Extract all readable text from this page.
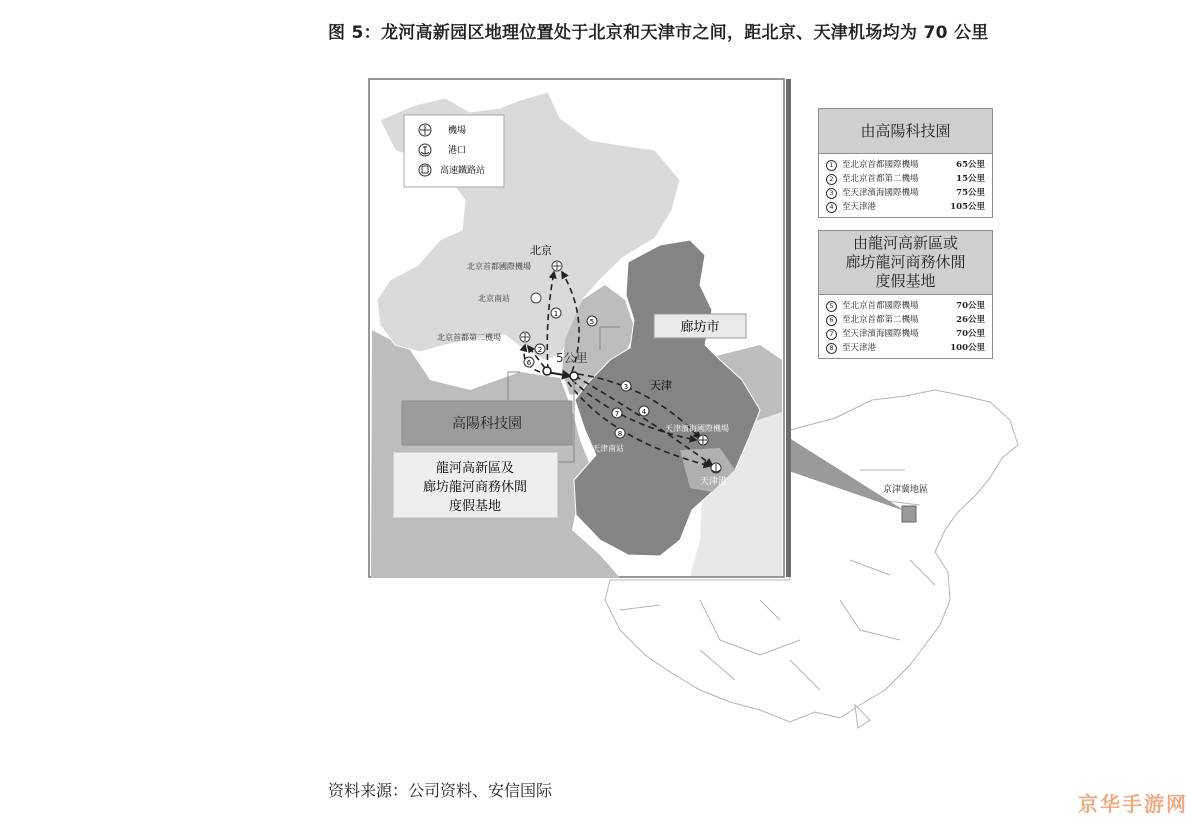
图 5：龙河高新园区地理位置处于北京和天津市之间，距北京、天津机场均为 70 公里
京津冀地區
機場
港口
高速鐵路站
北京
北京首都國際機場
北京南站
北京首都第二機場
5公里
1
5
2
6
3
4
7
8
天津
天津濱海國際機場
天津南站
天津港
廊坊市
高陽科技園
龍河高新區及
廊坊龍河商務休閒
度假基地
由高陽科技園
1 至北京首都國際機場	65公里
2 至北京首都第二機場	15公里
3 至天津濱海國際機場	75公里
4 至天津港	105公里
由龍河高新區或
廊坊龍河商務休閒
度假基地
5 至北京首都國際機場	70公里
6 至北京首都第二機場	26公里
7 至天津濱海國際機場	70公里
8 至天津港	100公里
资料来源：公司资料、安信国际
京华手游网
